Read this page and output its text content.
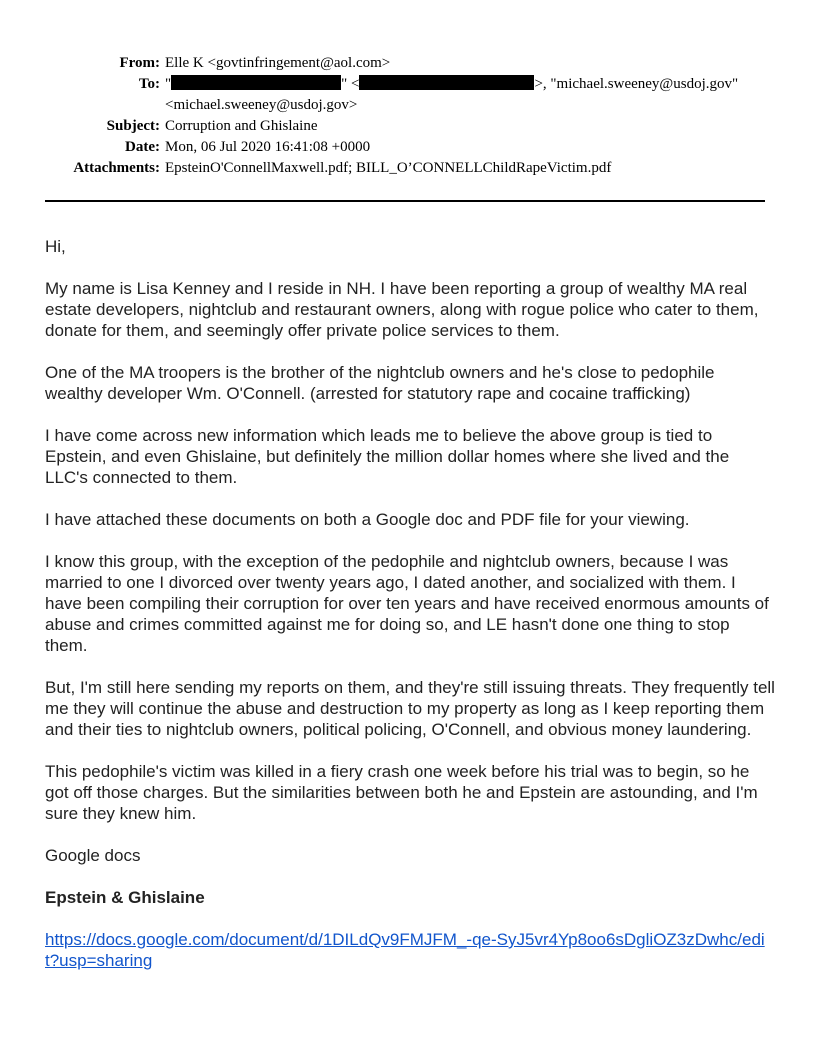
From: Elle K <govtinfringement@aol.com>

To: "	" <	>, "michael.sweeney@usdoj.gov"

<michael.sweeney@usdoj.gov>

Subject: Corruption and Ghislaine

Date: Mon, 06 Jul 2020 16:41:08 +0000

Attachments: EpsteinO'ConnellMaxwell.pdf; BILL_O’CONNELLChildRapeVictim.pdf

Hi,

My name is Lisa Kenney and I reside in NH. I have been reporting a group of wealthy MA real estate developers, nightclub and restaurant owners, along with rogue police who cater to them, donate for them, and seemingly offer private police services to them.

One of the MA troopers is the brother of the nightclub owners and he's close to pedophile wealthy developer Wm. O'Connell. (arrested for statutory rape and cocaine trafficking)

I have come across new information which leads me to believe the above group is tied to Epstein, and even Ghislaine, but definitely the million dollar homes where she lived and the LLC's connected to them.

I have attached these documents on both a Google doc and PDF file for your viewing.

I know this group, with the exception of the pedophile and nightclub owners, because I was married to one I divorced over twenty years ago, I dated another, and socialized with them. I have been compiling their corruption for over ten years and have received enormous amounts of abuse and crimes committed against me for doing so, and LE hasn't done one thing to stop them.

But, I'm still here sending my reports on them, and they're still issuing threats. They frequently tell me they will continue the abuse and destruction to my property as long as I keep reporting them and their ties to nightclub owners, political policing, O'Connell, and obvious money laundering.

This pedophile's victim was killed in a fiery crash one week before his trial was to begin, so he got off those charges. But the similarities between both he and Epstein are astounding, and I'm sure they knew him.

Google docs

Epstein & Ghislaine

https://docs.google.com/document/d/1DILdQv9FMJFM_-qe-SyJ5vr4Yp8oo6sDgliOZ3zDwhc/edit?usp=sharing
